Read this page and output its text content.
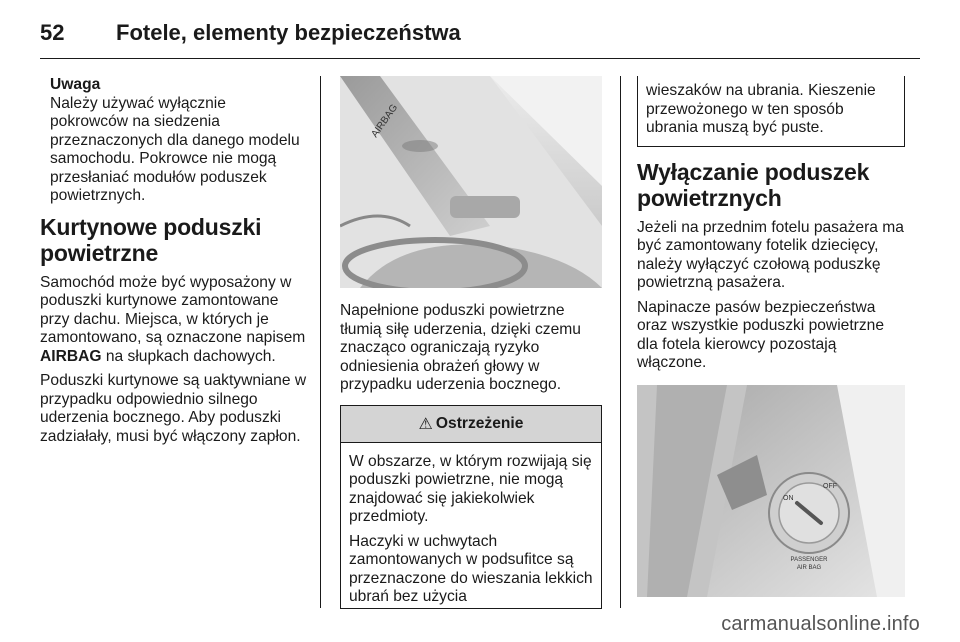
52 Fotele, elementy bezpieczeństwa
Uwaga
Należy używać wyłącznie pokrowców na siedzenia przeznaczonych dla danego modelu samochodu. Pokrowce nie mogą przesłaniać modułów poduszek powietrznych.
Kurtynowe poduszki powietrzne

Samochód może być wyposażony w poduszki kurtynowe zamontowane przy dachu. Miejsca, w których je zamontowano, są oznaczone napisem AIRBAG na słupkach dachowych.

Poduszki kurtynowe są uaktywniane w przypadku odpowiednio silnego uderzenia bocznego. Aby poduszki zadziałały, musi być włączony zapłon.

AIRBAG

Napełnione poduszki powietrzne tłumią siłę uderzenia, dzięki czemu znacząco ograniczają ryzyko odniesienia obrażeń głowy w przypadku uderzenia bocznego.

⚠ Ostrzeżenie

W obszarze, w którym rozwijają się poduszki powietrzne, nie mogą znajdować się jakiekolwiek przedmioty.

Haczyki w uchwytach zamontowanych w podsufitce są przeznaczone do wieszania lekkich ubrań bez użycia

wieszaków na ubrania. Kieszenie przewożonego w ten sposób ubrania muszą być puste.

Wyłączanie poduszek powietrznych

Jeżeli na przednim fotelu pasażera ma być zamontowany fotelik dziecięcy, należy wyłączyć czołową poduszkę powietrzną pasażera.

Napinacze pasów bezpieczeństwa oraz wszystkie poduszki powietrzne dla fotela kierowcy pozostają włączone.

ON
OFF
PASSENGER
AIR BAG
carmanualsonline.info
